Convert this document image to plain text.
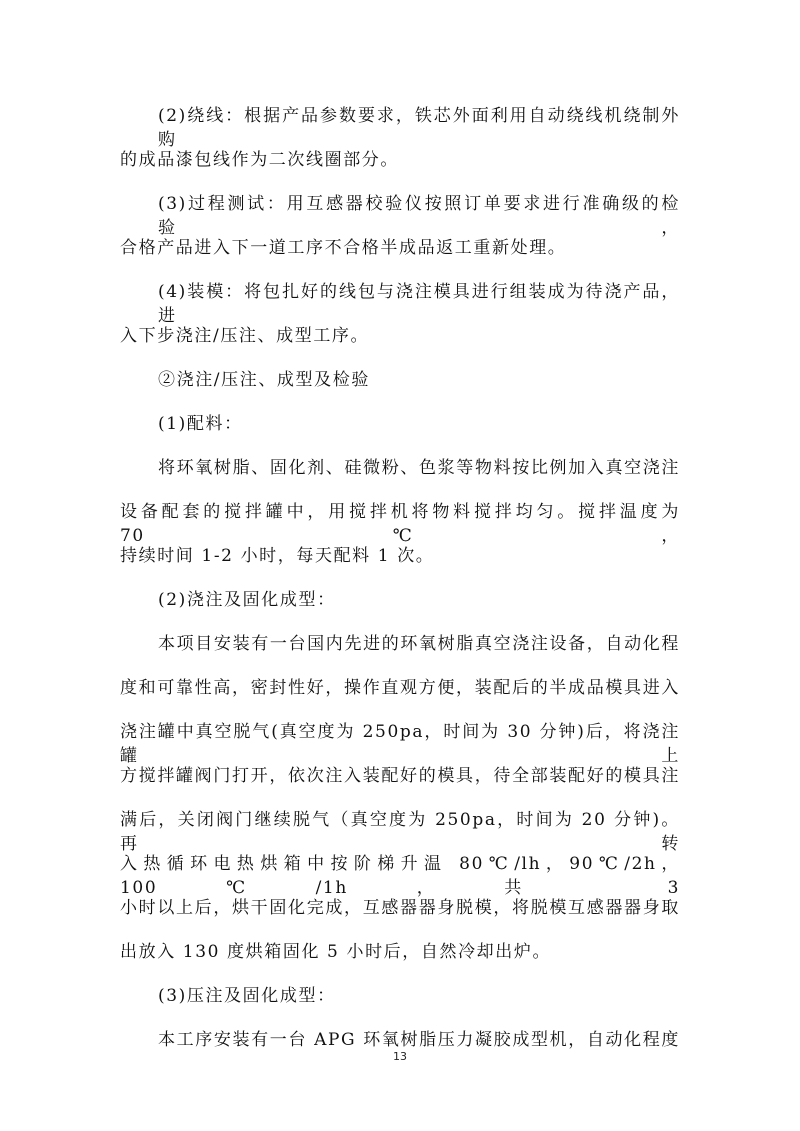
(2)绕线：根据产品参数要求，铁芯外面利用自动绕线机绕制外购
的成品漆包线作为二次线圈部分。
(3)过程测试：用互感器校验仪按照订单要求进行准确级的检验，
合格产品进入下一道工序不合格半成品返工重新处理。
(4)装模：将包扎好的线包与浇注模具进行组装成为待浇产品，进
入下步浇注/压注、成型工序。
②浇注/压注、成型及检验
(1)配料：
将环氧树脂、固化剂、硅微粉、色浆等物料按比例加入真空浇注
设备配套的搅拌罐中，用搅拌机将物料搅拌均匀。搅拌温度为 70℃，
持续时间 1-2 小时，每天配料 1 次。
(2)浇注及固化成型：
本项目安装有一台国内先进的环氧树脂真空浇注设备，自动化程
度和可靠性高，密封性好，操作直观方便，装配后的半成品模具进入
浇注罐中真空脱气(真空度为 250pa，时间为 30 分钟)后，将浇注罐上
方搅拌罐阀门打开，依次注入装配好的模具，待全部装配好的模具注
满后，关闭阀门继续脱气（真空度为 250pa，时间为 20 分钟)。再转
入热循环电热烘箱中按阶梯升温 80℃/lh，90℃/2h，100℃/1h，共 3
小时以上后，烘干固化完成，互感器器身脱模，将脱模互感器器身取
出放入 130 度烘箱固化 5 小时后，自然冷却出炉。
(3)压注及固化成型：
本工序安装有一台 APG 环氧树脂压力凝胶成型机，自动化程度
13
